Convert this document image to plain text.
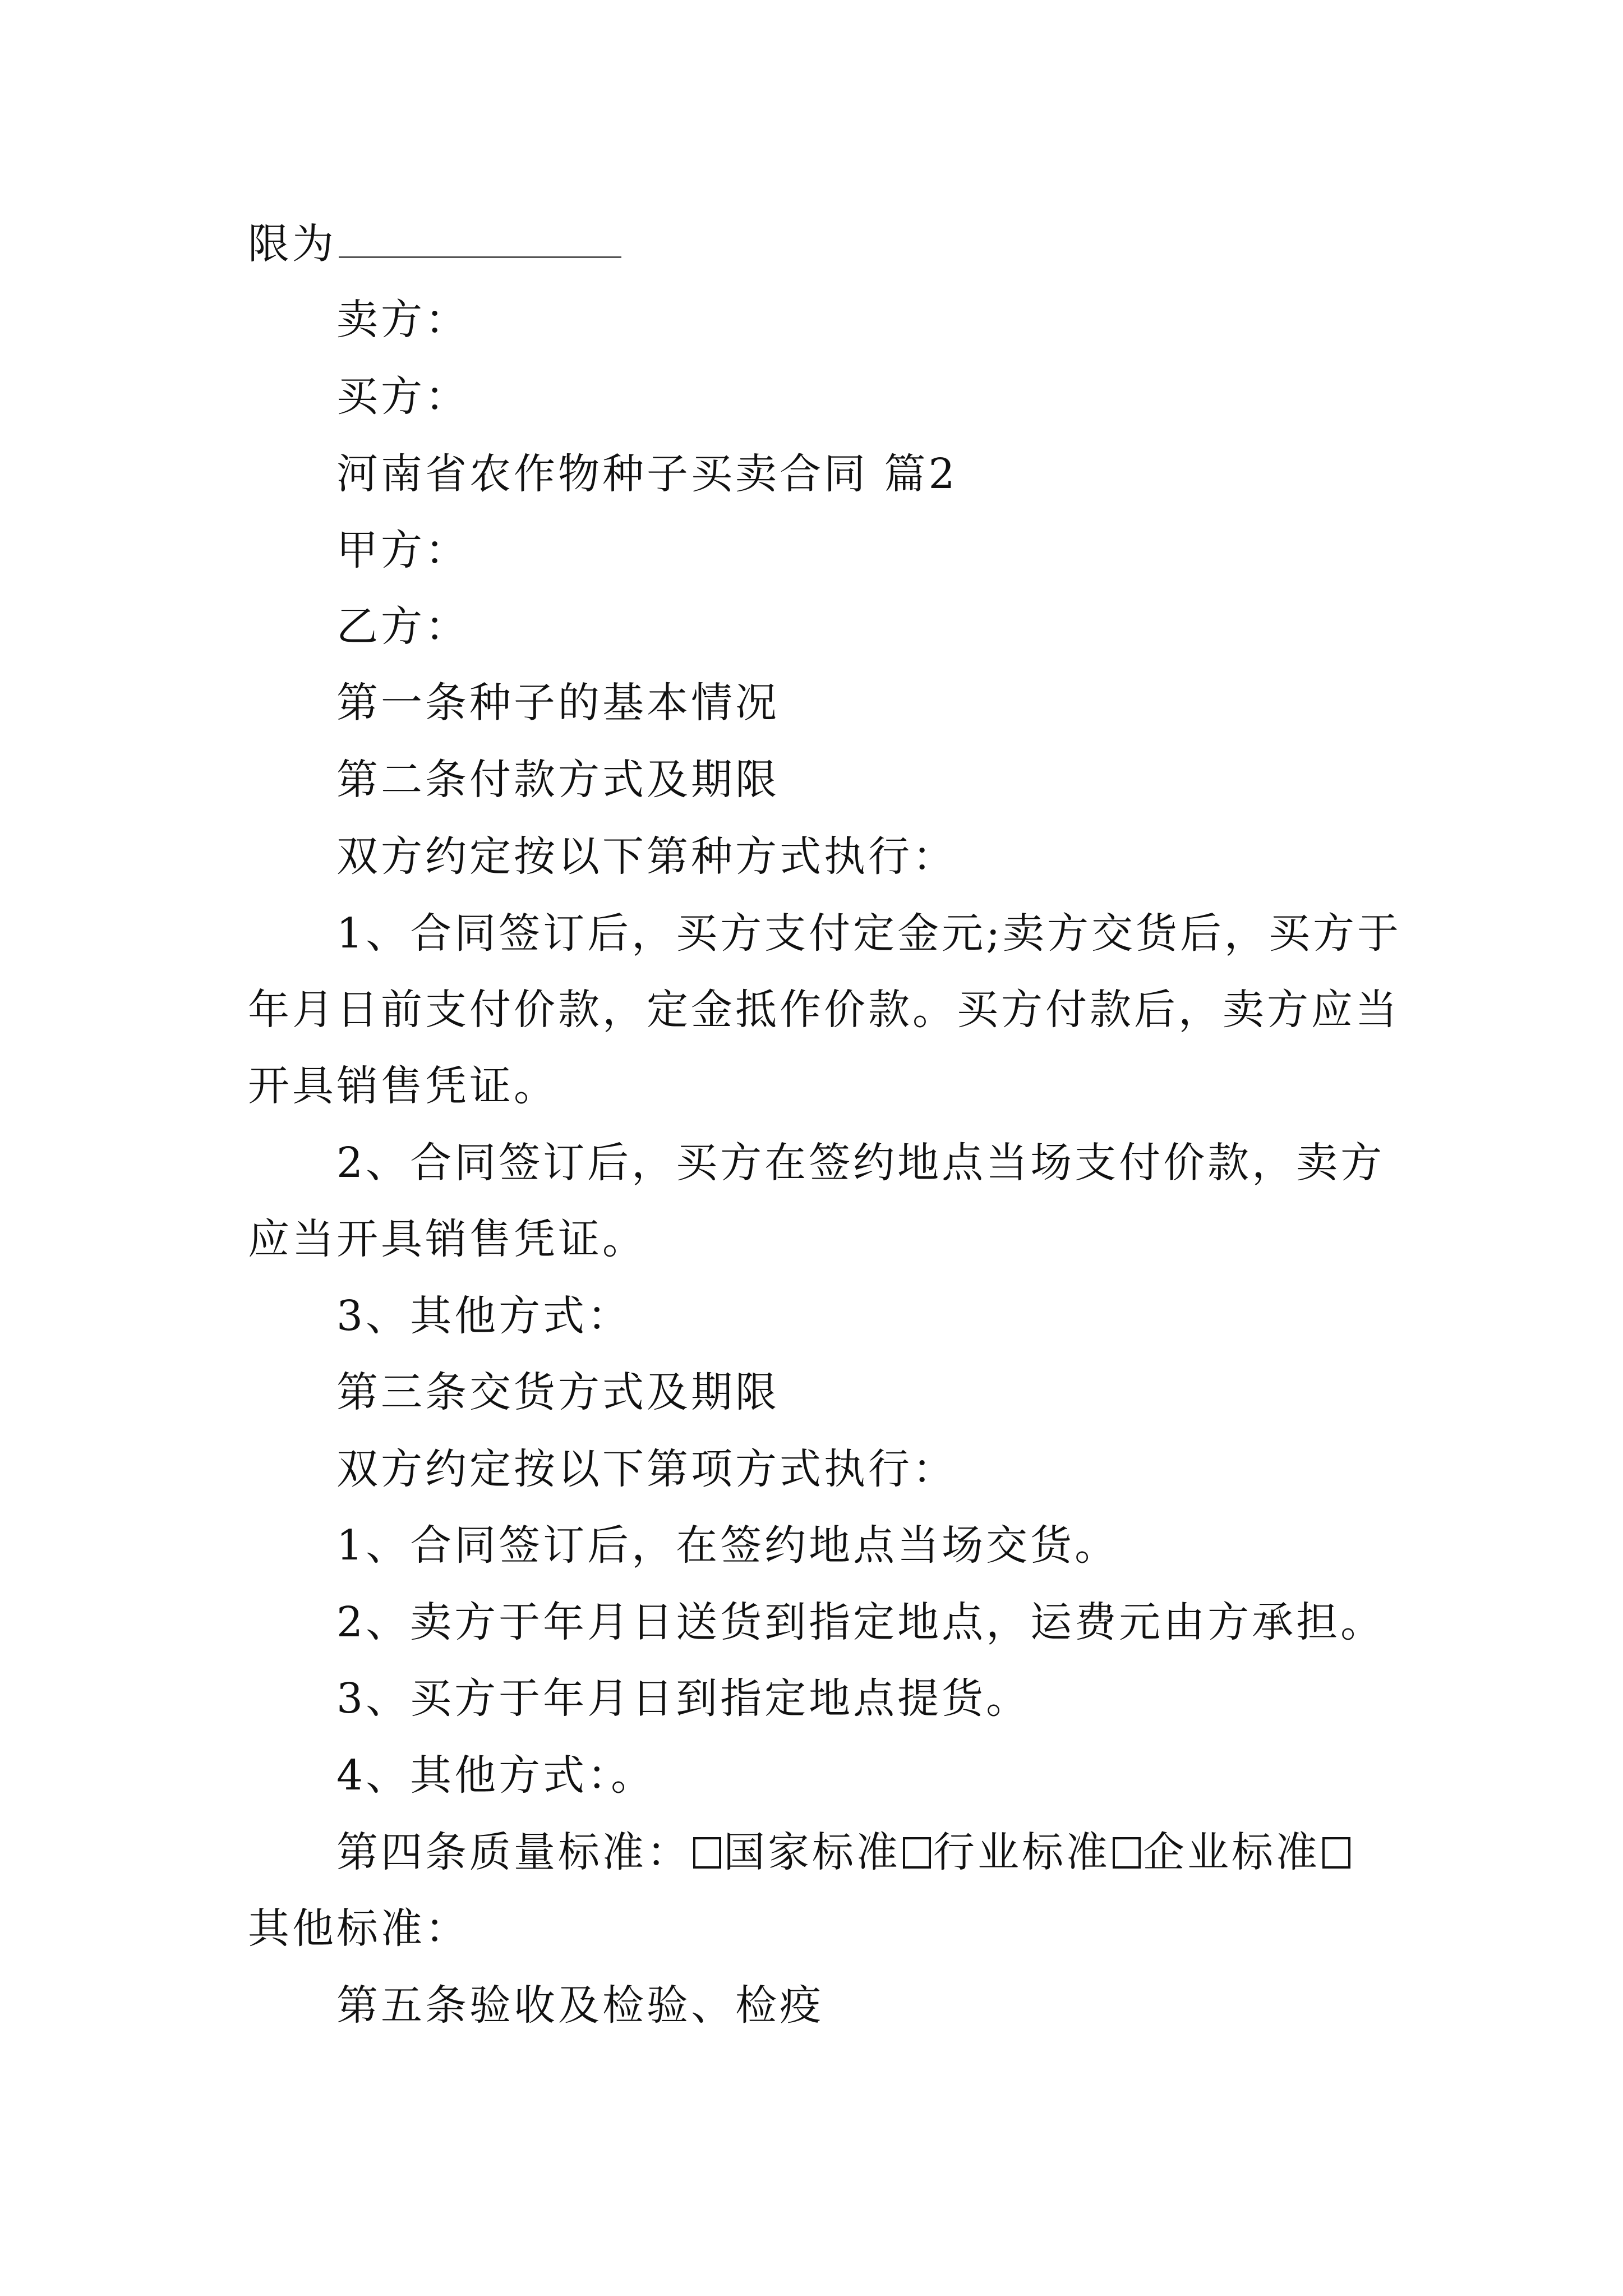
限为
卖方：
买方：
河南省农作物种子买卖合同 篇2
甲方：
乙方：
第一条种子的基本情况
第二条付款方式及期限
双方约定按以下第种方式执行：
1、合同签订后，买方支付定金元;卖方交货后，买方于
年月日前支付价款，定金抵作价款。买方付款后，卖方应当
开具销售凭证。
2、合同签订后，买方在签约地点当场支付价款，卖方
应当开具销售凭证。
3、其他方式：
第三条交货方式及期限
双方约定按以下第项方式执行：
1、合同签订后，在签约地点当场交货。
2、卖方于年月日送货到指定地点，运费元由方承担。
3、买方于年月日到指定地点提货。
4、其他方式：。
第四条质量标准： 国家标准 行业标准 企业标准
其他标准：
第五条验收及检验、检疫
